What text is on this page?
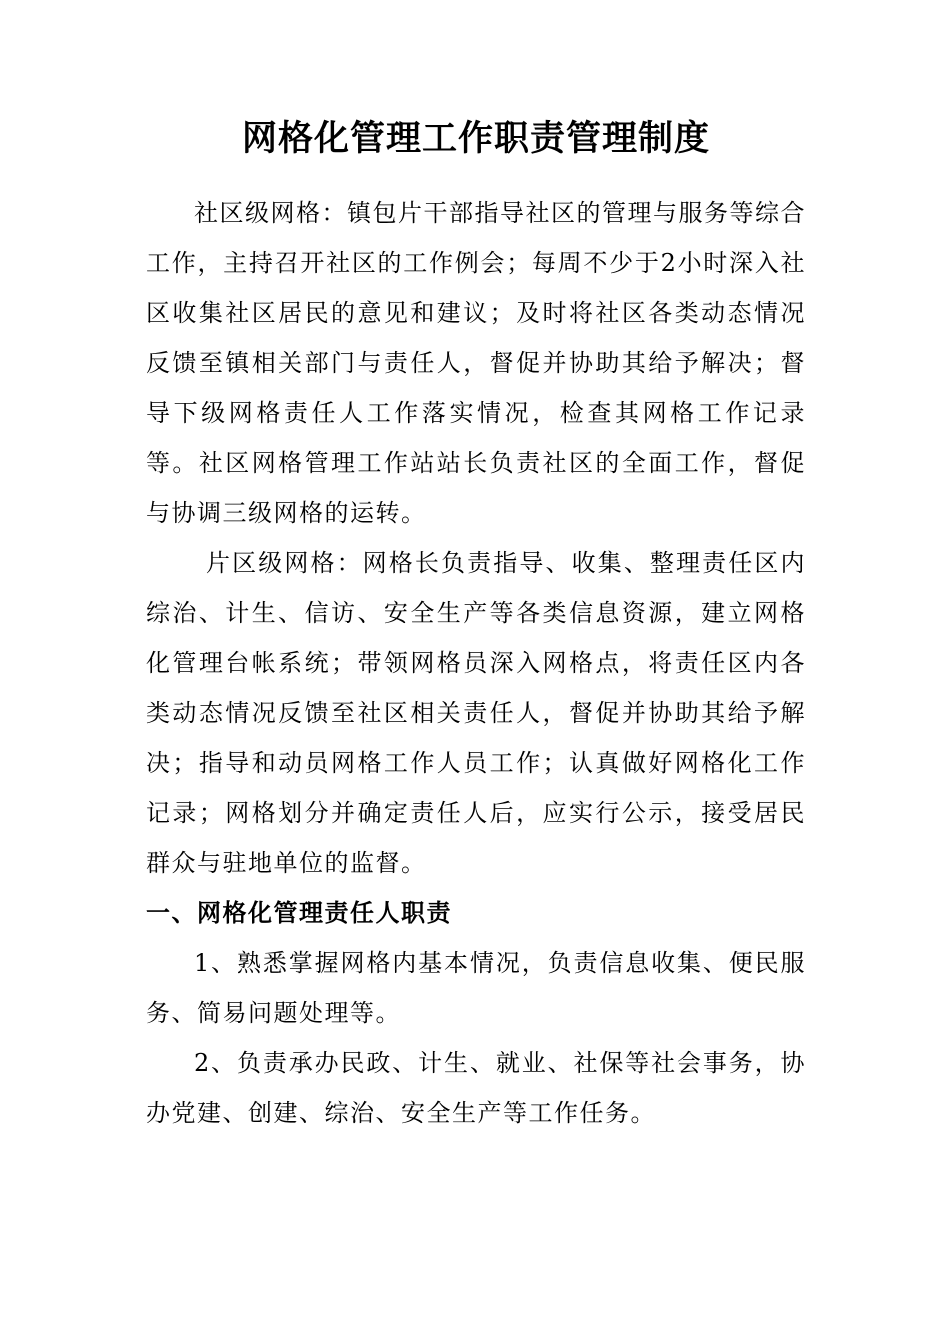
网格化管理工作职责管理制度

社区级网格：镇包片干部指导社区的管理与服务等综合工作，主持召开社区的工作例会；每周不少于2小时深入社区收集社区居民的意见和建议；及时将社区各类动态情况反馈至镇相关部门与责任人，督促并协助其给予解决；督导下级网格责任人工作落实情况，检查其网格工作记录等。社区网格管理工作站站长负责社区的全面工作，督促与协调三级网格的运转。

片区级网格：网格长负责指导、收集、整理责任区内综治、计生、信访、安全生产等各类信息资源，建立网格化管理台帐系统；带领网格员深入网格点，将责任区内各类动态情况反馈至社区相关责任人，督促并协助其给予解决；指导和动员网格工作人员工作；认真做好网格化工作记录；网格划分并确定责任人后，应实行公示，接受居民群众与驻地单位的监督。

一、网格化管理责任人职责

1、熟悉掌握网格内基本情况，负责信息收集、便民服务、简易问题处理等。

2、负责承办民政、计生、就业、社保等社会事务，协办党建、创建、综治、安全生产等工作任务。
